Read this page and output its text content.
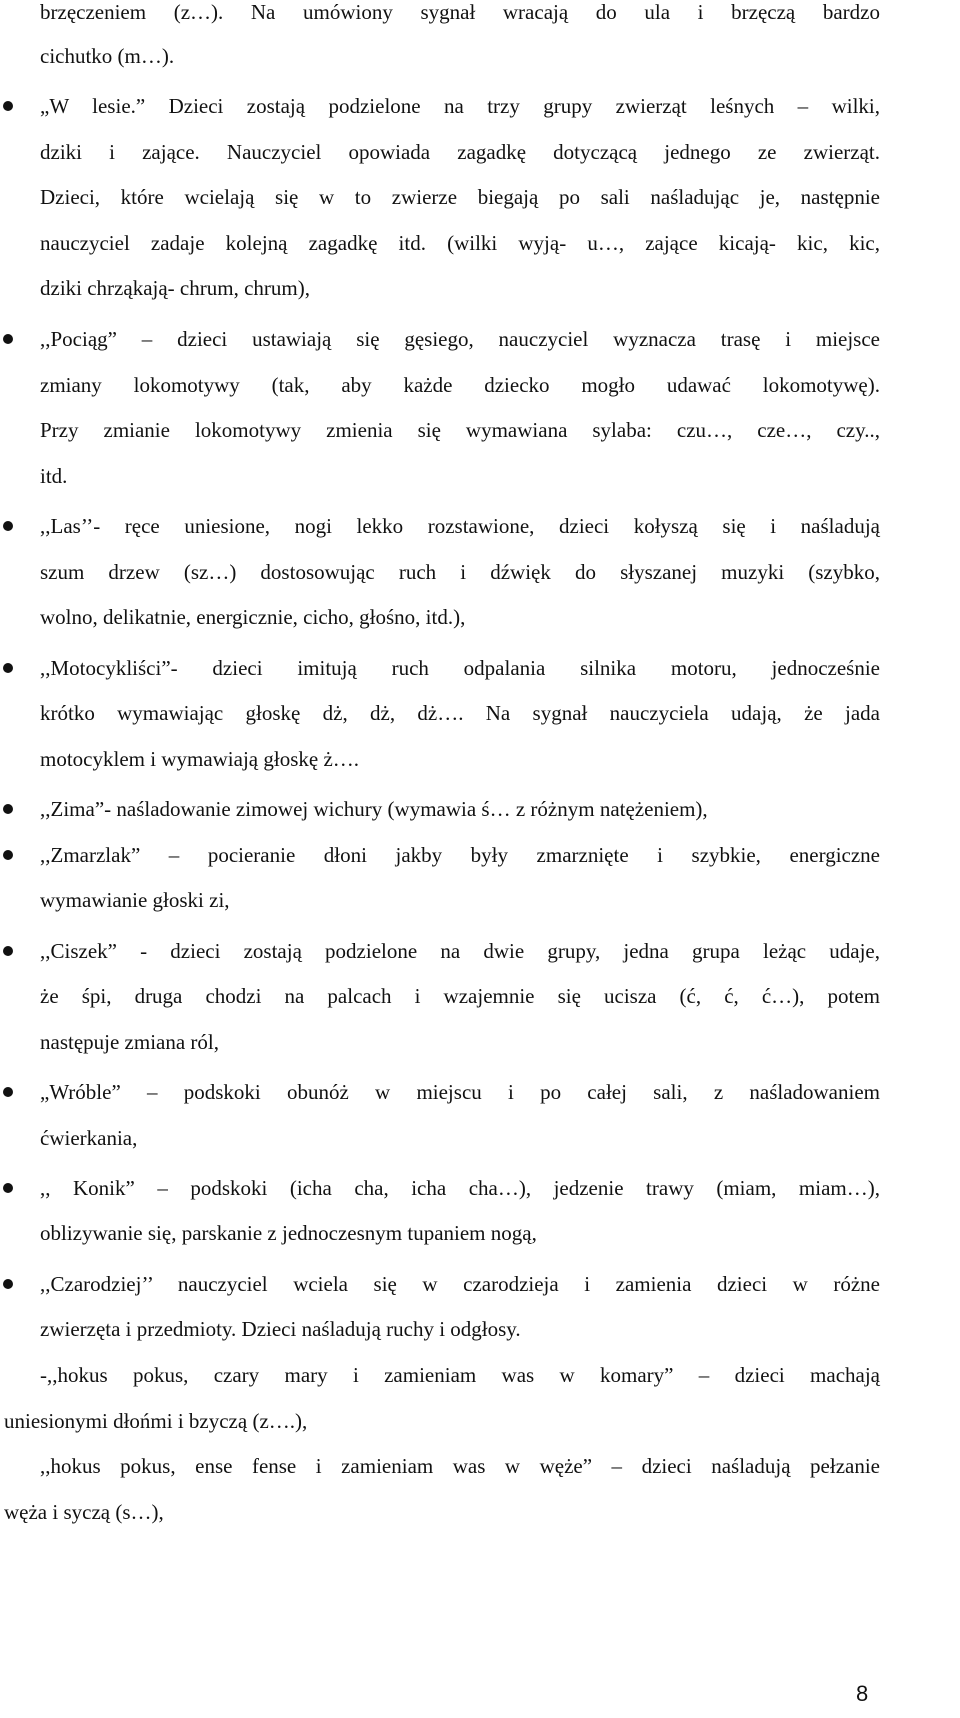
brzęczeniem (z…). Na umówiony sygnał wracają do ula i brzęczą bardzo
cichutko (m…).
„W lesie.” Dzieci zostają podzielone na trzy grupy zwierząt leśnych – wilki,
dziki i zające. Nauczyciel opowiada zagadkę dotyczącą jednego ze zwierząt.
Dzieci, które wcielają się w to zwierze biegają po sali naśladując je, następnie
nauczyciel zadaje kolejną zagadkę itd. (wilki wyją- u…, zające kicają- kic, kic,
dziki chrząkają- chrum, chrum),
,,Pociąg” – dzieci ustawiają się gęsiego, nauczyciel wyznacza trasę i miejsce
zmiany lokomotywy (tak, aby każde dziecko mogło udawać lokomotywę).
Przy zmianie lokomotywy zmienia się wymawiana sylaba: czu…, cze…, czy..,
itd.
,,Las’’- ręce uniesione, nogi lekko rozstawione, dzieci kołyszą się i naśladują
szum drzew (sz…) dostosowując ruch i dźwięk do słyszanej muzyki (szybko,
wolno, delikatnie, energicznie, cicho, głośno, itd.),
,,Motocykliści”- dzieci imitują ruch odpalania silnika motoru, jednocześnie
krótko wymawiając głoskę dż, dż, dż…. Na sygnał nauczyciela udają, że jada
motocyklem i wymawiają głoskę ż….
,,Zima”- naśladowanie zimowej wichury (wymawia ś… z różnym natężeniem),
,,Zmarzlak” – pocieranie dłoni jakby były zmarznięte i szybkie, energiczne
wymawianie głoski zi,
,,Ciszek” - dzieci zostają podzielone na dwie grupy, jedna grupa leżąc udaje,
że śpi, druga chodzi na palcach i wzajemnie się ucisza (ć, ć, ć…), potem
następuje zmiana ról,
„Wróble” – podskoki obunóż w miejscu i po całej sali, z naśladowaniem
ćwierkania,
,, Konik” – podskoki (icha cha, icha cha…), jedzenie trawy (miam, miam…),
oblizywanie się, parskanie z jednoczesnym tupaniem nogą,
,,Czarodziej’’ nauczyciel wciela się w czarodzieja i zamienia dzieci w różne
zwierzęta i przedmioty. Dzieci naśladują ruchy i odgłosy.
-,,hokus pokus, czary mary i zamieniam was w komary” – dzieci machają
uniesionymi dłońmi i bzyczą (z….),
,,hokus pokus, ense fense i zamieniam was w węże” – dzieci naśladują pełzanie
węża i syczą (s…),
8
